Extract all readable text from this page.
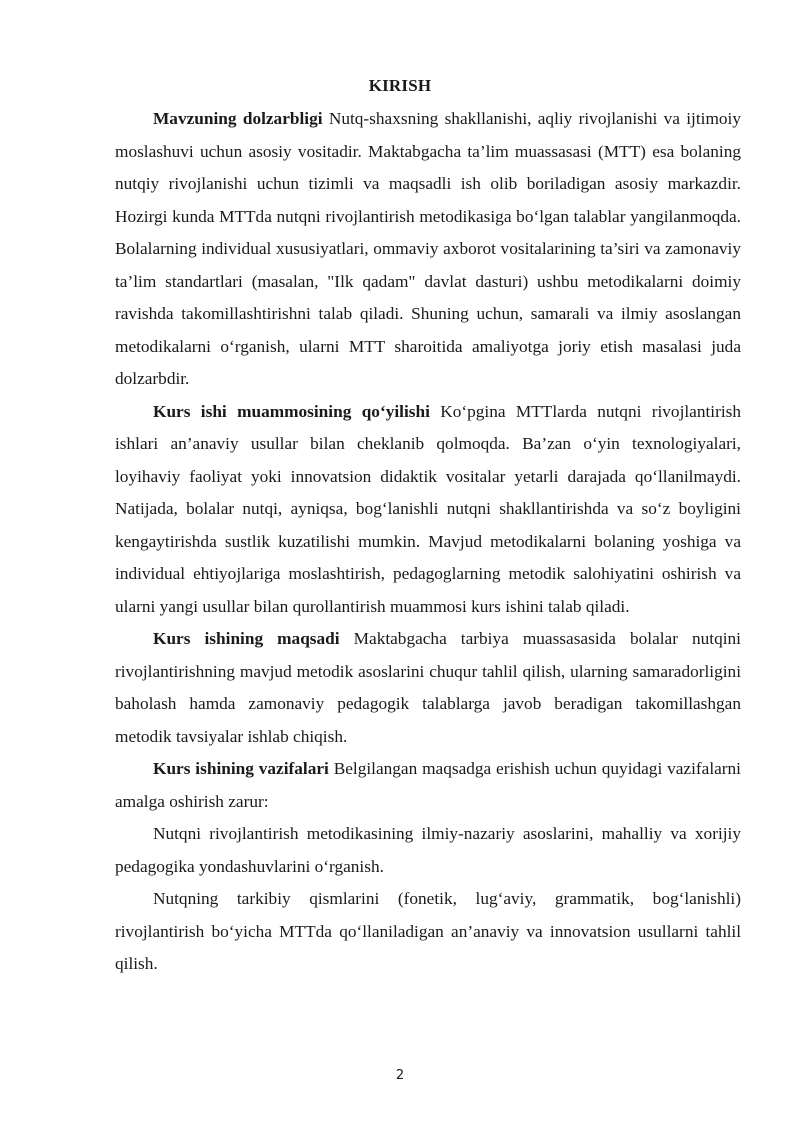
KIRISH

Mavzuning dolzarbligi Nutq-shaxsning shakllanishi, aqliy rivojlanishi va ijtimoiy moslashuvi uchun asosiy vositadir. Maktabgacha ta’lim muassasasi (MTT) esa bolaning nutqiy rivojlanishi uchun tizimli va maqsadli ish olib boriladigan asosiy markazdir. Hozirgi kunda MTTda nutqni rivojlantirish metodikasiga bo‘lgan talablar yangilanmoqda. Bolalarning individual xususiyatlari, ommaviy axborot vositalarining ta’siri va zamonaviy ta’lim standartlari (masalan, "Ilk qadam" davlat dasturi) ushbu metodikalarni doimiy ravishda takomillashtirishni talab qiladi. Shuning uchun, samarali va ilmiy asoslangan metodikalarni o‘rganish, ularni MTT sharoitida amaliyotga joriy etish masalasi juda dolzarbdir.

Kurs ishi muammosining qo‘yilishi Ko‘pgina MTTlarda nutqni rivojlantirish ishlari an’anaviy usullar bilan cheklanib qolmoqda. Ba’zan o‘yin texnologiyalari, loyihaviy faoliyat yoki innovatsion didaktik vositalar yetarli darajada qo‘llanilmaydi. Natijada, bolalar nutqi, ayniqsa, bog‘lanishli nutqni shakllantirishda va so‘z boyligini kengaytirishda sustlik kuzatilishi mumkin. Mavjud metodikalarni bolaning yoshiga va individual ehtiyojlariga moslashtirish, pedagoglarning metodik salohiyatini oshirish va ularni yangi usullar bilan qurollantirish muammosi kurs ishini talab qiladi.

Kurs ishining maqsadi Maktabgacha tarbiya muassasasida bolalar nutqini rivojlantirishning mavjud metodik asoslarini chuqur tahlil qilish, ularning samaradorligini baholash hamda zamonaviy pedagogik talablarga javob beradigan takomillashgan metodik tavsiyalar ishlab chiqish.

Kurs ishining vazifalari Belgilangan maqsadga erishish uchun quyidagi vazifalarni amalga oshirish zarur:

Nutqni rivojlantirish metodikasining ilmiy-nazariy asoslarini, mahalliy va xorijiy pedagogika yondashuvlarini o‘rganish.

Nutqning tarkibiy qismlarini (fonetik, lug‘aviy, grammatik, bog‘lanishli) rivojlantirish bo‘yicha MTTda qo‘llaniladigan an’anaviy va innovatsion usullarni tahlil qilish.

2
